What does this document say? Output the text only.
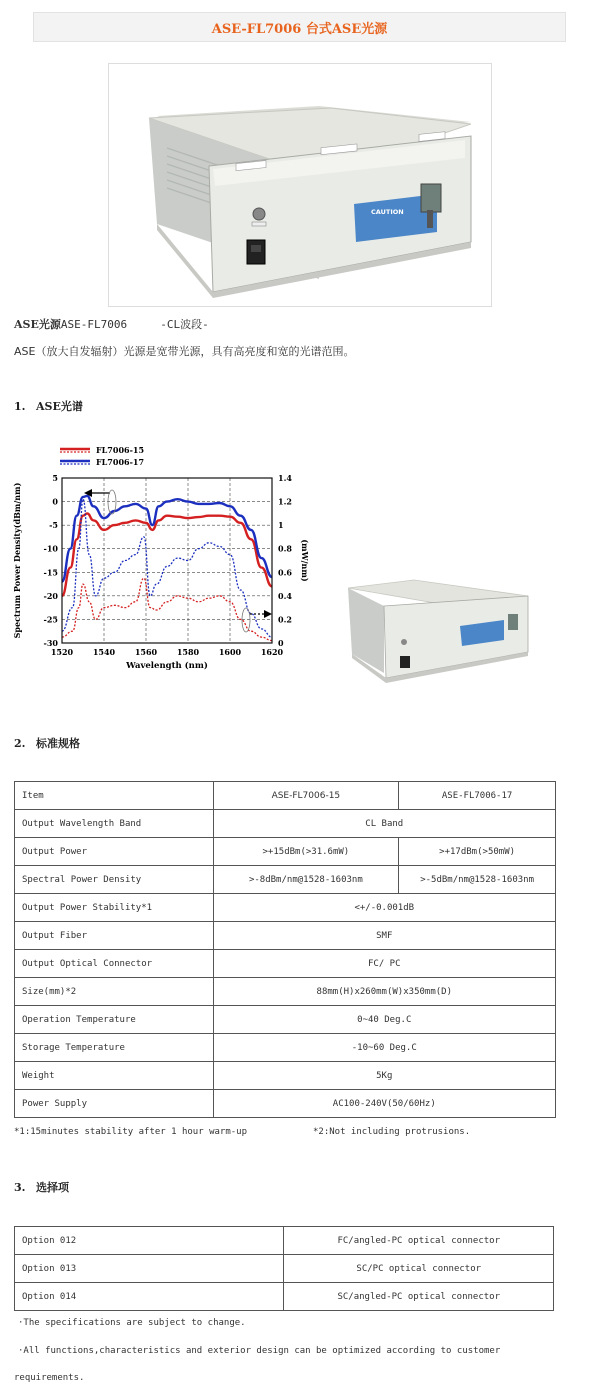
ASE-FL7006 台式ASE光源
CAUTION
ASE光源ASE-FL7006     -CL波段-
ASE（放大自发辐射）光源是宽带光源，具有高亮度和宽的光谱范围。
1. ASE光谱
1520 1540 1560 1580 1600 1620
5
0
-5
-10
-15
-20
-25
-30
1.4
1.2
1
0.8
0.6
0.4
0.2
0
FL7006-15
FL7006-17
Wavelength (nm)
Spectrum Power Density(dBm/nm)	(mW/nm)
2. 标准规格
Item	ASE-FL7006-15	ASE-FL7006-17
Output Wavelength Band	CL Band	
Output Power	>+15dBm(>31.6mW)	>+17dBm(>50mW)
Spectral Power Density	>-8dBm/nm@1528-1603nm	>-5dBm/nm@1528-1603nm
Output Power Stability*1	<+/-0.001dB	
Output Fiber	SMF	
Output Optical Connector	FC/ PC	
Size(mm)*2	88mm(H)x260mm(W)x350mm(D)	
Operation Temperature	0~40 Deg.C	
Storage Temperature	-10~60 Deg.C	
Weight	5Kg	
Power Supply	AC100-240V(50/60Hz)	
*1:15minutes stability after 1 hour warm-up	*2:Not including protrusions.
3. 选择项
Option 012	FC/angled-PC optical connector
Option 013	SC/PC optical connector
Option 014	SC/angled-PC optical connector
·The specifications are subject to change.
·All functions,characteristics and exterior design can be optimized according to customer
requirements.
